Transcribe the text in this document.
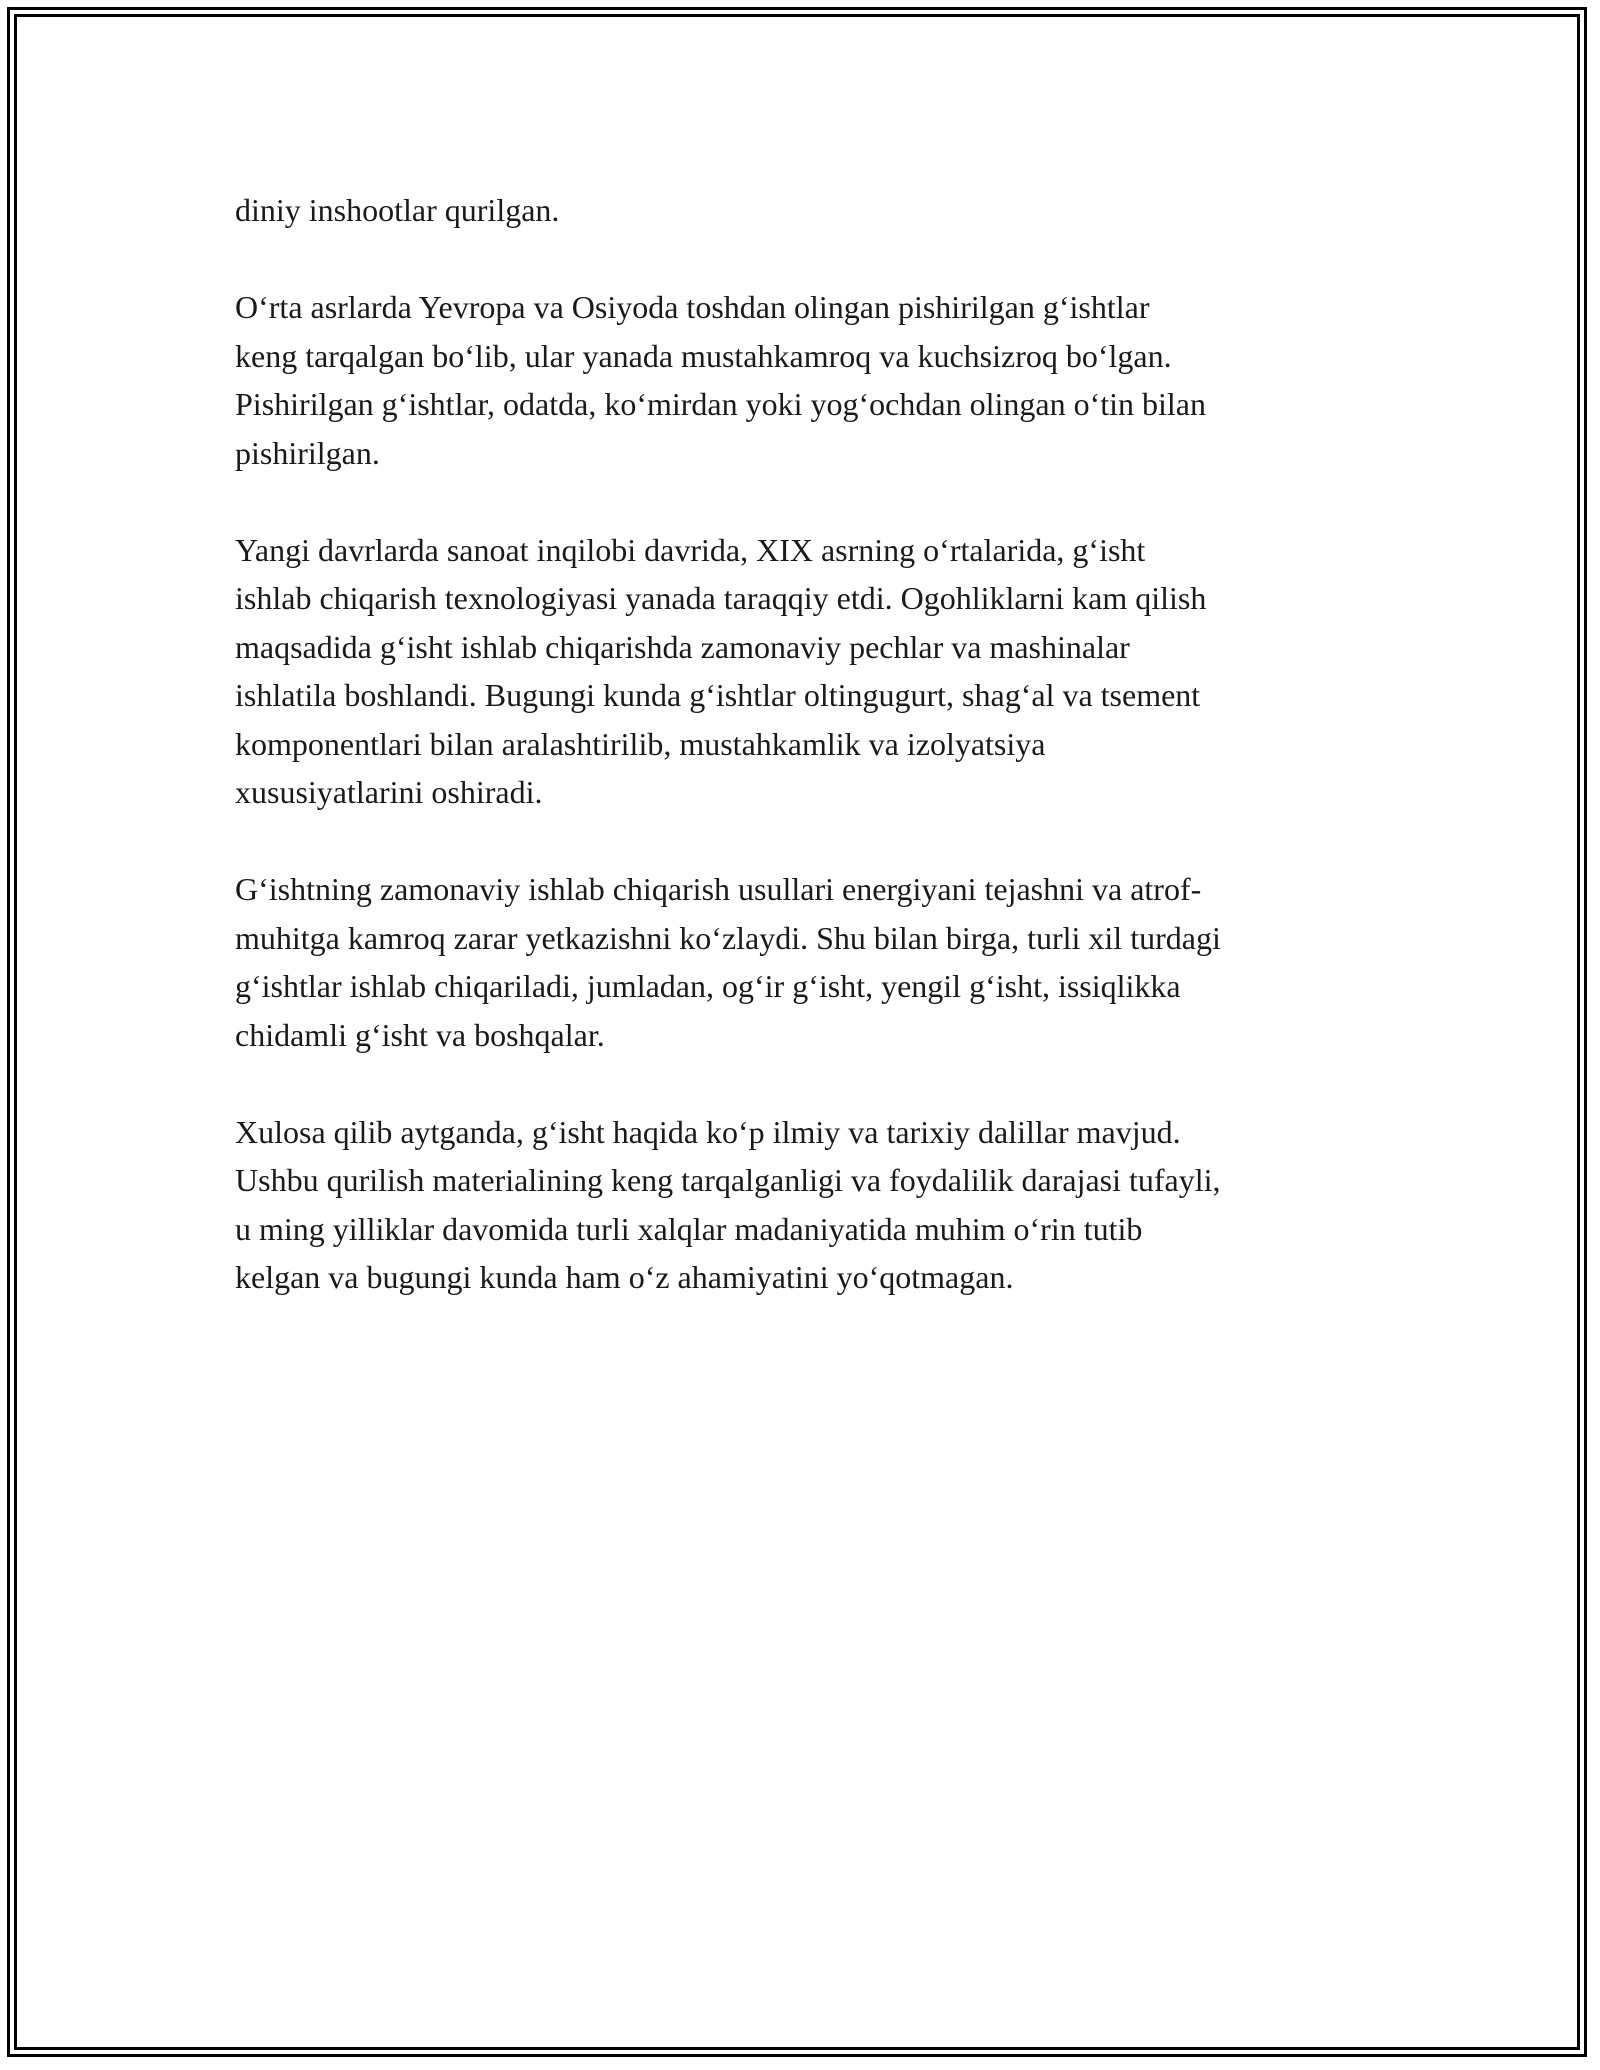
diniy inshootlar qurilgan.

O‘rta asrlarda Yevropa va Osiyoda toshdan olingan pishirilgan g‘ishtlar
keng tarqalgan bo‘lib, ular yanada mustahkamroq va kuchsizroq bo‘lgan.
Pishirilgan g‘ishtlar, odatda, ko‘mirdan yoki yog‘ochdan olingan o‘tin bilan
pishirilgan.

Yangi davrlarda sanoat inqilobi davrida, XIX asrning o‘rtalarida, g‘isht
ishlab chiqarish texnologiyasi yanada taraqqiy etdi. Ogohliklarni kam qilish
maqsadida g‘isht ishlab chiqarishda zamonaviy pechlar va mashinalar
ishlatila boshlandi. Bugungi kunda g‘ishtlar oltingugurt, shag‘al va tsement
komponentlari bilan aralashtirilib, mustahkamlik va izolyatsiya
xususiyatlarini oshiradi.

G‘ishtning zamonaviy ishlab chiqarish usullari energiyani tejashni va atrof-
muhitga kamroq zarar yetkazishni ko‘zlaydi. Shu bilan birga, turli xil turdagi
g‘ishtlar ishlab chiqariladi, jumladan, og‘ir g‘isht, yengil g‘isht, issiqlikka
chidamli g‘isht va boshqalar.

Xulosa qilib aytganda, g‘isht haqida ko‘p ilmiy va tarixiy dalillar mavjud.
Ushbu qurilish materialining keng tarqalganligi va foydalilik darajasi tufayli,
u ming yilliklar davomida turli xalqlar madaniyatida muhim o‘rin tutib
kelgan va bugungi kunda ham o‘z ahamiyatini yo‘qotmagan.
